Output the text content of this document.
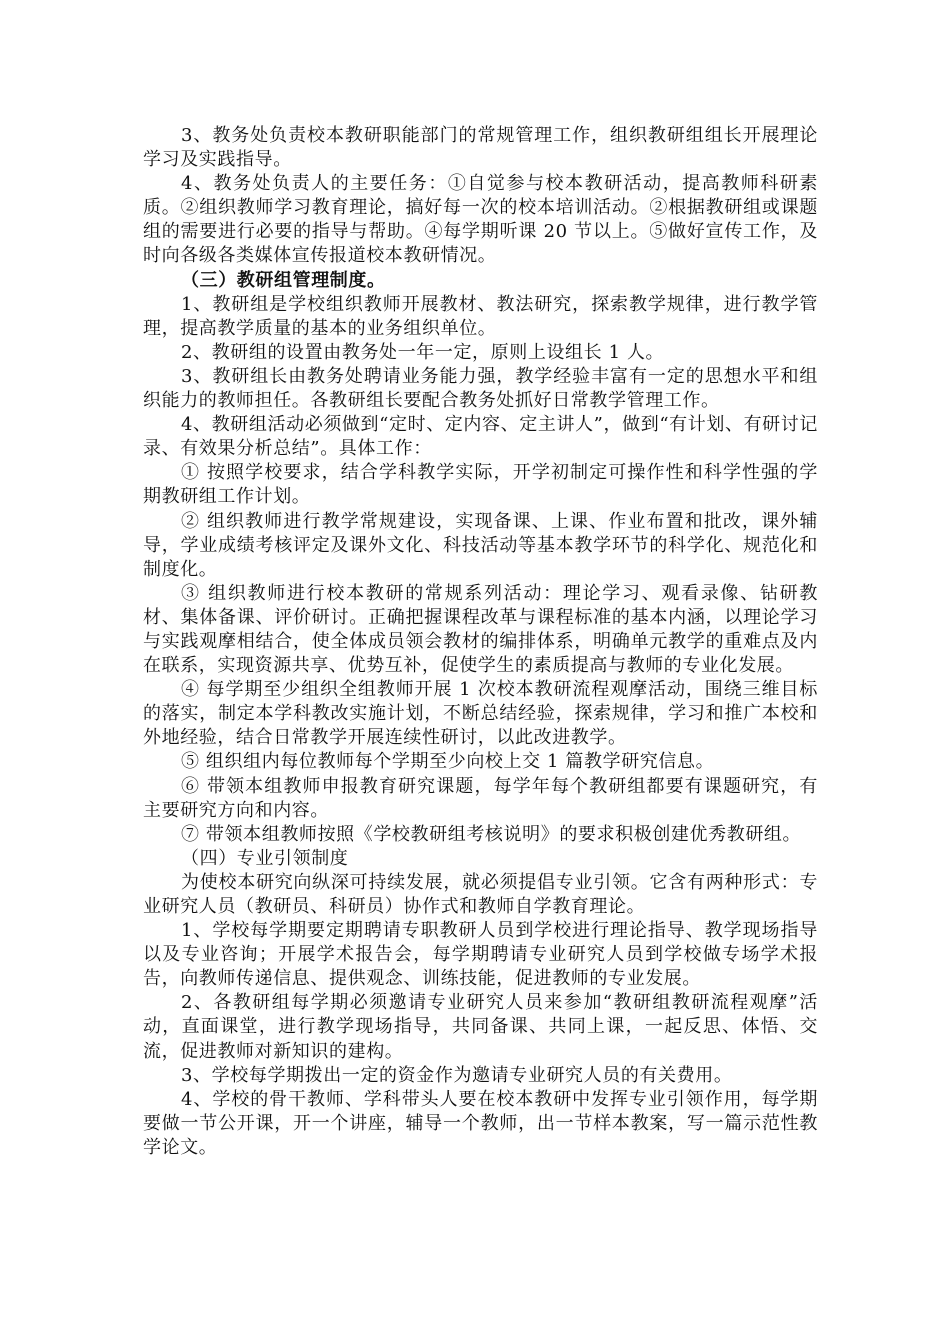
3、教务处负责校本教研职能部门的常规管理工作，组织教研组组长开展理论学习及实践指导。

4、教务处负责人的主要任务：①自觉参与校本教研活动，提高教师科研素质。②组织教师学习教育理论，搞好每一次的校本培训活动。②根据教研组或课题组的需要进行必要的指导与帮助。④每学期听课 20 节以上。⑤做好宣传工作，及时向各级各类媒体宣传报道校本教研情况。

（三）教研组管理制度。

1、教研组是学校组织教师开展教材、教法研究，探索教学规律，进行教学管理，提高教学质量的基本的业务组织单位。

2、教研组的设置由教务处一年一定，原则上设组长 1 人。

3、教研组长由教务处聘请业务能力强，教学经验丰富有一定的思想水平和组织能力的教师担任。各教研组长要配合教务处抓好日常教学管理工作。

4、教研组活动必须做到“定时、定内容、定主讲人”，做到“有计划、有研讨记录、有效果分析总结”。具体工作：

① 按照学校要求，结合学科教学实际，开学初制定可操作性和科学性强的学期教研组工作计划。

② 组织教师进行教学常规建设，实现备课、上课、作业布置和批改，课外辅导，学业成绩考核评定及课外文化、科技活动等基本教学环节的科学化、规范化和制度化。

③ 组织教师进行校本教研的常规系列活动：理论学习、观看录像、钻研教材、集体备课、评价研讨。正确把握课程改革与课程标准的基本内涵，以理论学习与实践观摩相结合，使全体成员领会教材的编排体系，明确单元教学的重难点及内在联系，实现资源共享、优势互补，促使学生的素质提高与教师的专业化发展。

④ 每学期至少组织全组教师开展 1 次校本教研流程观摩活动，围绕三维目标的落实，制定本学科教改实施计划，不断总结经验，探索规律，学习和推广本校和外地经验，结合日常教学开展连续性研讨，以此改进教学。

⑤ 组织组内每位教师每个学期至少向校上交 1 篇教学研究信息。

⑥ 带领本组教师申报教育研究课题，每学年每个教研组都要有课题研究，有主要研究方向和内容。

⑦ 带领本组教师按照《学校教研组考核说明》的要求积极创建优秀教研组。

（四）专业引领制度

为使校本研究向纵深可持续发展，就必须提倡专业引领。它含有两种形式：专业研究人员（教研员、科研员）协作式和教师自学教育理论。

1、学校每学期要定期聘请专职教研人员到学校进行理论指导、教学现场指导以及专业咨询；开展学术报告会，每学期聘请专业研究人员到学校做专场学术报告，向教师传递信息、提供观念、训练技能，促进教师的专业发展。

2、各教研组每学期必须邀请专业研究人员来参加“教研组教研流程观摩”活动，直面课堂，进行教学现场指导，共同备课、共同上课，一起反思、体悟、交流，促进教师对新知识的建构。

3、学校每学期拨出一定的资金作为邀请专业研究人员的有关费用。

4、学校的骨干教师、学科带头人要在校本教研中发挥专业引领作用，每学期要做一节公开课，开一个讲座，辅导一个教师，出一节样本教案，写一篇示范性教学论文。
